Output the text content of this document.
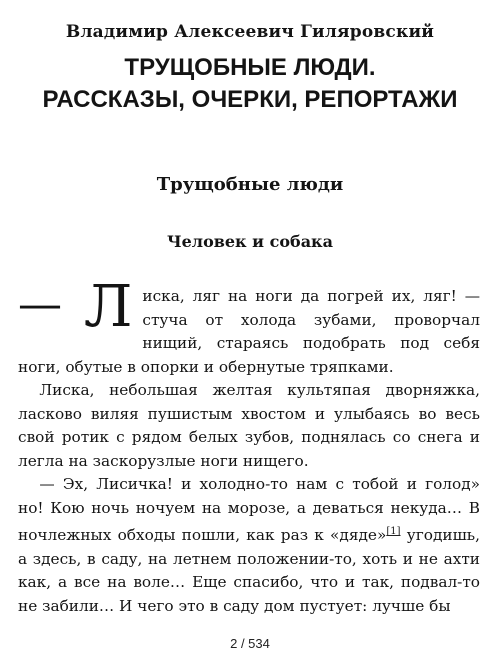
Владимир Алексеевич Гиляровский
ТРУЩОБНЫЕ ЛЮДИ.
РАССКАЗЫ, ОЧЕРКИ, РЕПОРТАЖИ
Трущобные люди
Человек и собака

— Л иска, ляг на ноги да погрей их, ляг! — стуча от холода зубами, проворчал нищий, стараясь подобрать под себя ноги, обутые в опорки и обернутые тряпками.

Лиска, небольшая желтая культяпая дворняжка, ласково виляя пушистым хвостом и улыбаясь во весь свой ротик с рядом белых зубов, поднялась со снега и легла на заскорузлые ноги нищего.

— Эх, Лисичка! и холодно-то нам с тобой и голод» но! Кою ночь ночуем на морозе, а деваться некуда… В ночлежных обходы пошли, как раз к «дяде»[1] угодишь, а здесь, в саду, на летнем положении-то, хоть и не ахти как, а все на воле… Еще спасибо, что и так, подвал-то не забили… И чего это в саду дом пустует: лучше бы

2 / 534
